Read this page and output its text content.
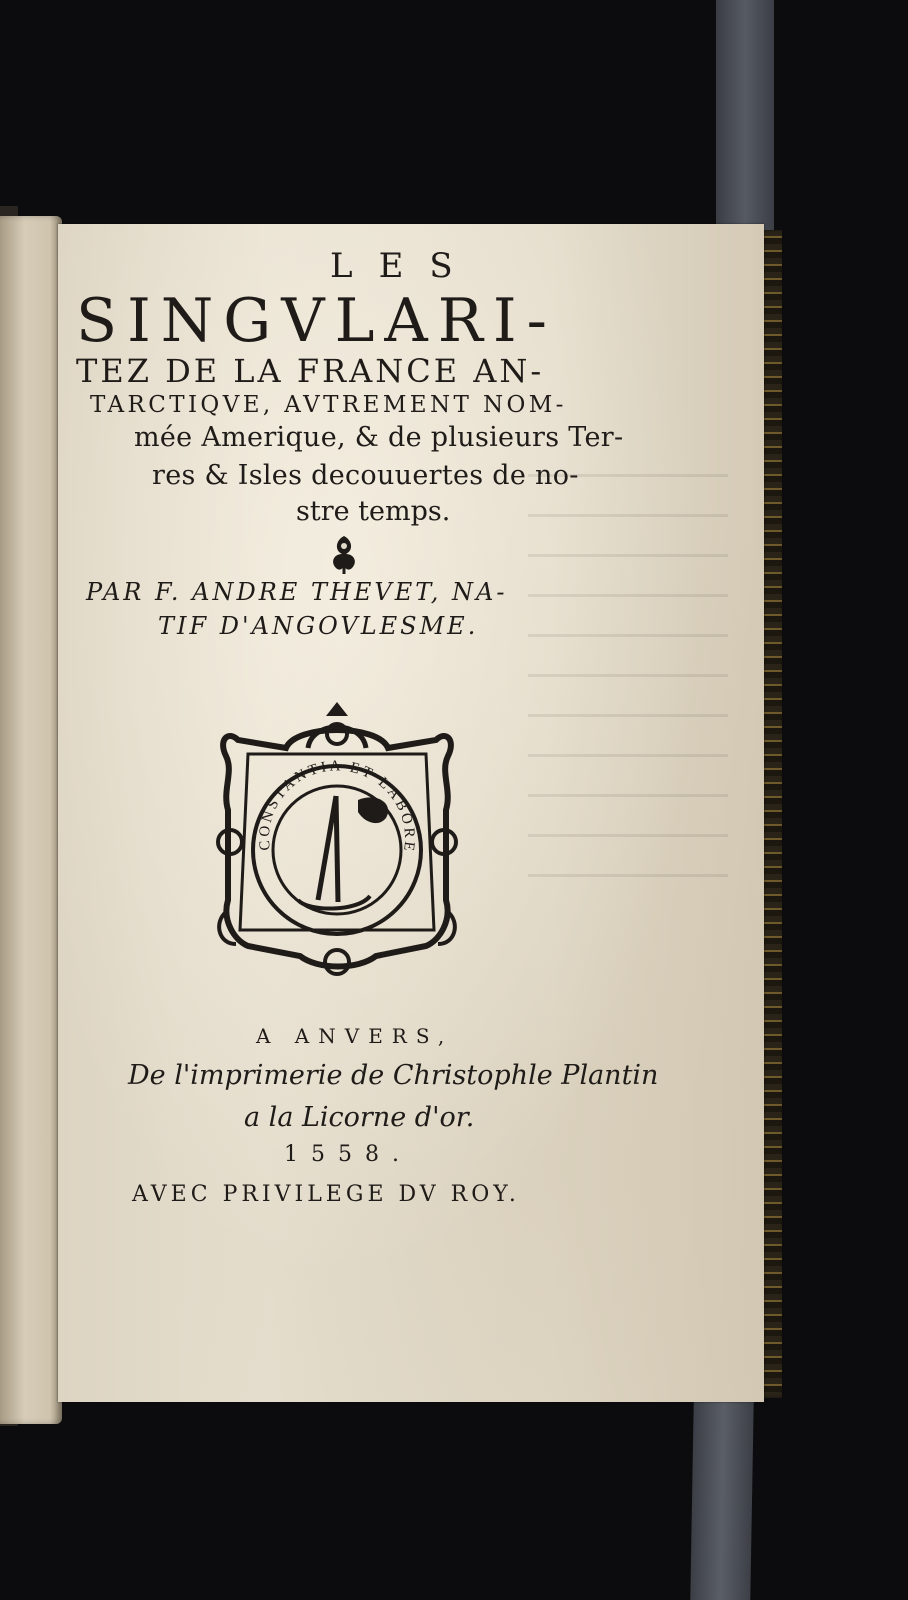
LES
SINGVLARI-
TEZ DE LA FRANCE AN-
TARCTIQVE, AVTREMENT NOM-
mée Amerique, & de plusieurs Ter-
res & Isles decouuertes de no-
stre temps.
PAR F. ANDRE THEVET, NA-
TIF D'ANGOVLESME.
CONSTANTIA ET LABORE
A ANVERS,
De l'imprimerie de Christophle Plantin
a la Licorne d'or.
1558.
AVEC PRIVILEGE DV ROY.
